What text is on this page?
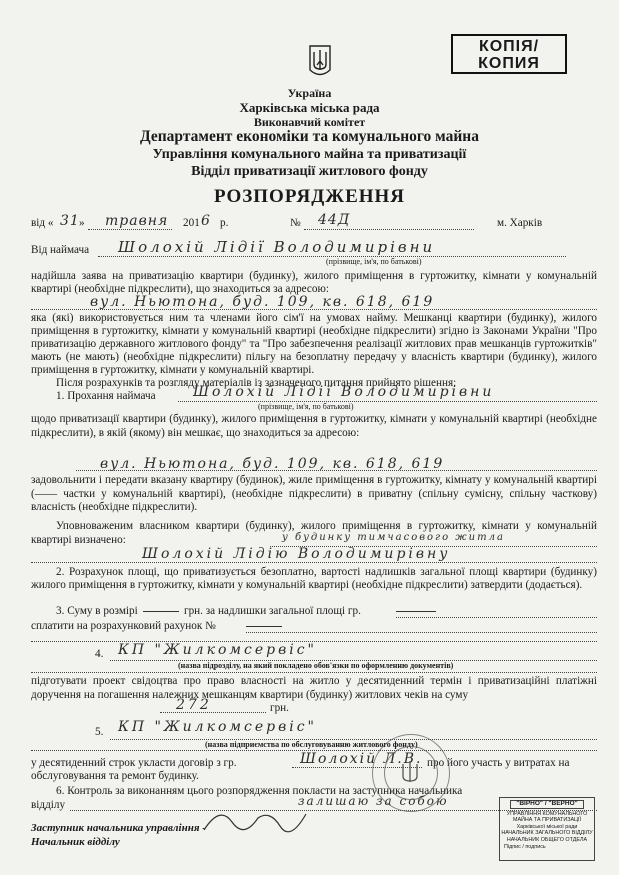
КОПІЯ/
КОПИЯ
Україна
Харківська міська рада
Виконавчий комітет
Департамент економіки та комунального майна
Управління комунального майна та приватизації
Відділ приватизації житлового фонду
РОЗПОРЯДЖЕННЯ
від « 31 » травня 201 6 р.	№ 44Д	м. Харків
Від наймача Шолохій Лідії Володимирівни
(прізвище, ім'я, по батькові)
надійшла заява на приватизацію квартири (будинку), жилого приміщення в гуртожитку, кімнати у комунальній квартирі (необхідне підкреслити), що знаходиться за адресою:
вул. Ньютона, буд. 109, кв. 618, 619
яка (які) використовується ним та членами його сім'ї на умовах найму. Мешканці квартири (будинку), жилого приміщення в гуртожитку, кімнати у комунальній квартирі (необхідне підкреслити) згідно із Законами України "Про приватизацію державного житлового фонду" та "Про забезпечення реалізації житлових прав мешканців гуртожитків" мають (не мають) (необхідне підкреслити) пільгу на безоплатну передачу у власність квартири (будинку), жилого приміщення в гуртожитку, кімнати у комунальній квартирі.
Після розрахунків та розгляду матеріалів із зазначеного питання прийнято рішення:
1. Прохання наймача	Шолохій Лідії Володимирівни
(прізвище, ім'я, по батькові)
щодо приватизації квартири (будинку), жилого приміщення в гуртожитку, кімнати у комунальній квартирі (необхідне підкреслити), в якій (якому) він мешкає, що знаходиться за адресою:
вул. Ньютона, буд. 109, кв. 618, 619
задовольнити і передати вказану квартиру (будинок), жиле приміщення в гуртожитку, кімнату у комунальній квартирі (—— частки у комунальній квартирі), (необхідне підкреслити) в приватну (спільну сумісну, спільну часткову) власність (необхідне підкреслити).
Уповноваженим власником квартири (будинку), жилого приміщення в гуртожитку, кімнати у комунальній квартирі визначено:	у будинку тимчасового житла
Шолохій Лідію Володимирівну
2. Розрахунок площі, що приватизується безоплатно, вартості надлишків загальної площі квартири (будинку) жилого приміщення в гуртожитку, кімнати у комунальній квартирі (необхідне підкреслити) затвердити (додається).
3. Суму в розмірі	грн. за надлишки загальної площі гр.
сплатити на розрахунковий рахунок №
4. КП "Жилкомсервіс"
(назва підрозділу, на який покладено обов'язки по оформленню документів)
підготувати проект свідоцтва про право власності на житло у десятиденний термін і приватизаційні платіжні доручення на погашення належних мешканцям квартири (будинку) житлових чеків на суму
272	грн.
5. КП "Жилкомсервіс"
(назва підприємства по обслуговуванню житлового фонду)
у десятиденний строк укласти договір з гр.	Шолохій Л.В. про його участь у витратах на обслуговування та ремонт будинку.
6. Контроль за виконанням цього розпорядження покласти на заступника начальника
відділу	залишаю за собою
Заступник начальника управління -
Начальник відділу
"ВІРНО" / "ВЕРНО"
УПРАВЛІННЯ КОМУНАЛЬНОГО МАЙНА ТА ПРИВАТИЗАЦІЇ
Харківської міської ради
НАЧАЛЬНИК ЗАГАЛЬНОГО ВІДДІЛУ
НАЧАЛЬНИК ОБЩЕГО ОТДЕЛА
Підпис / подпись
